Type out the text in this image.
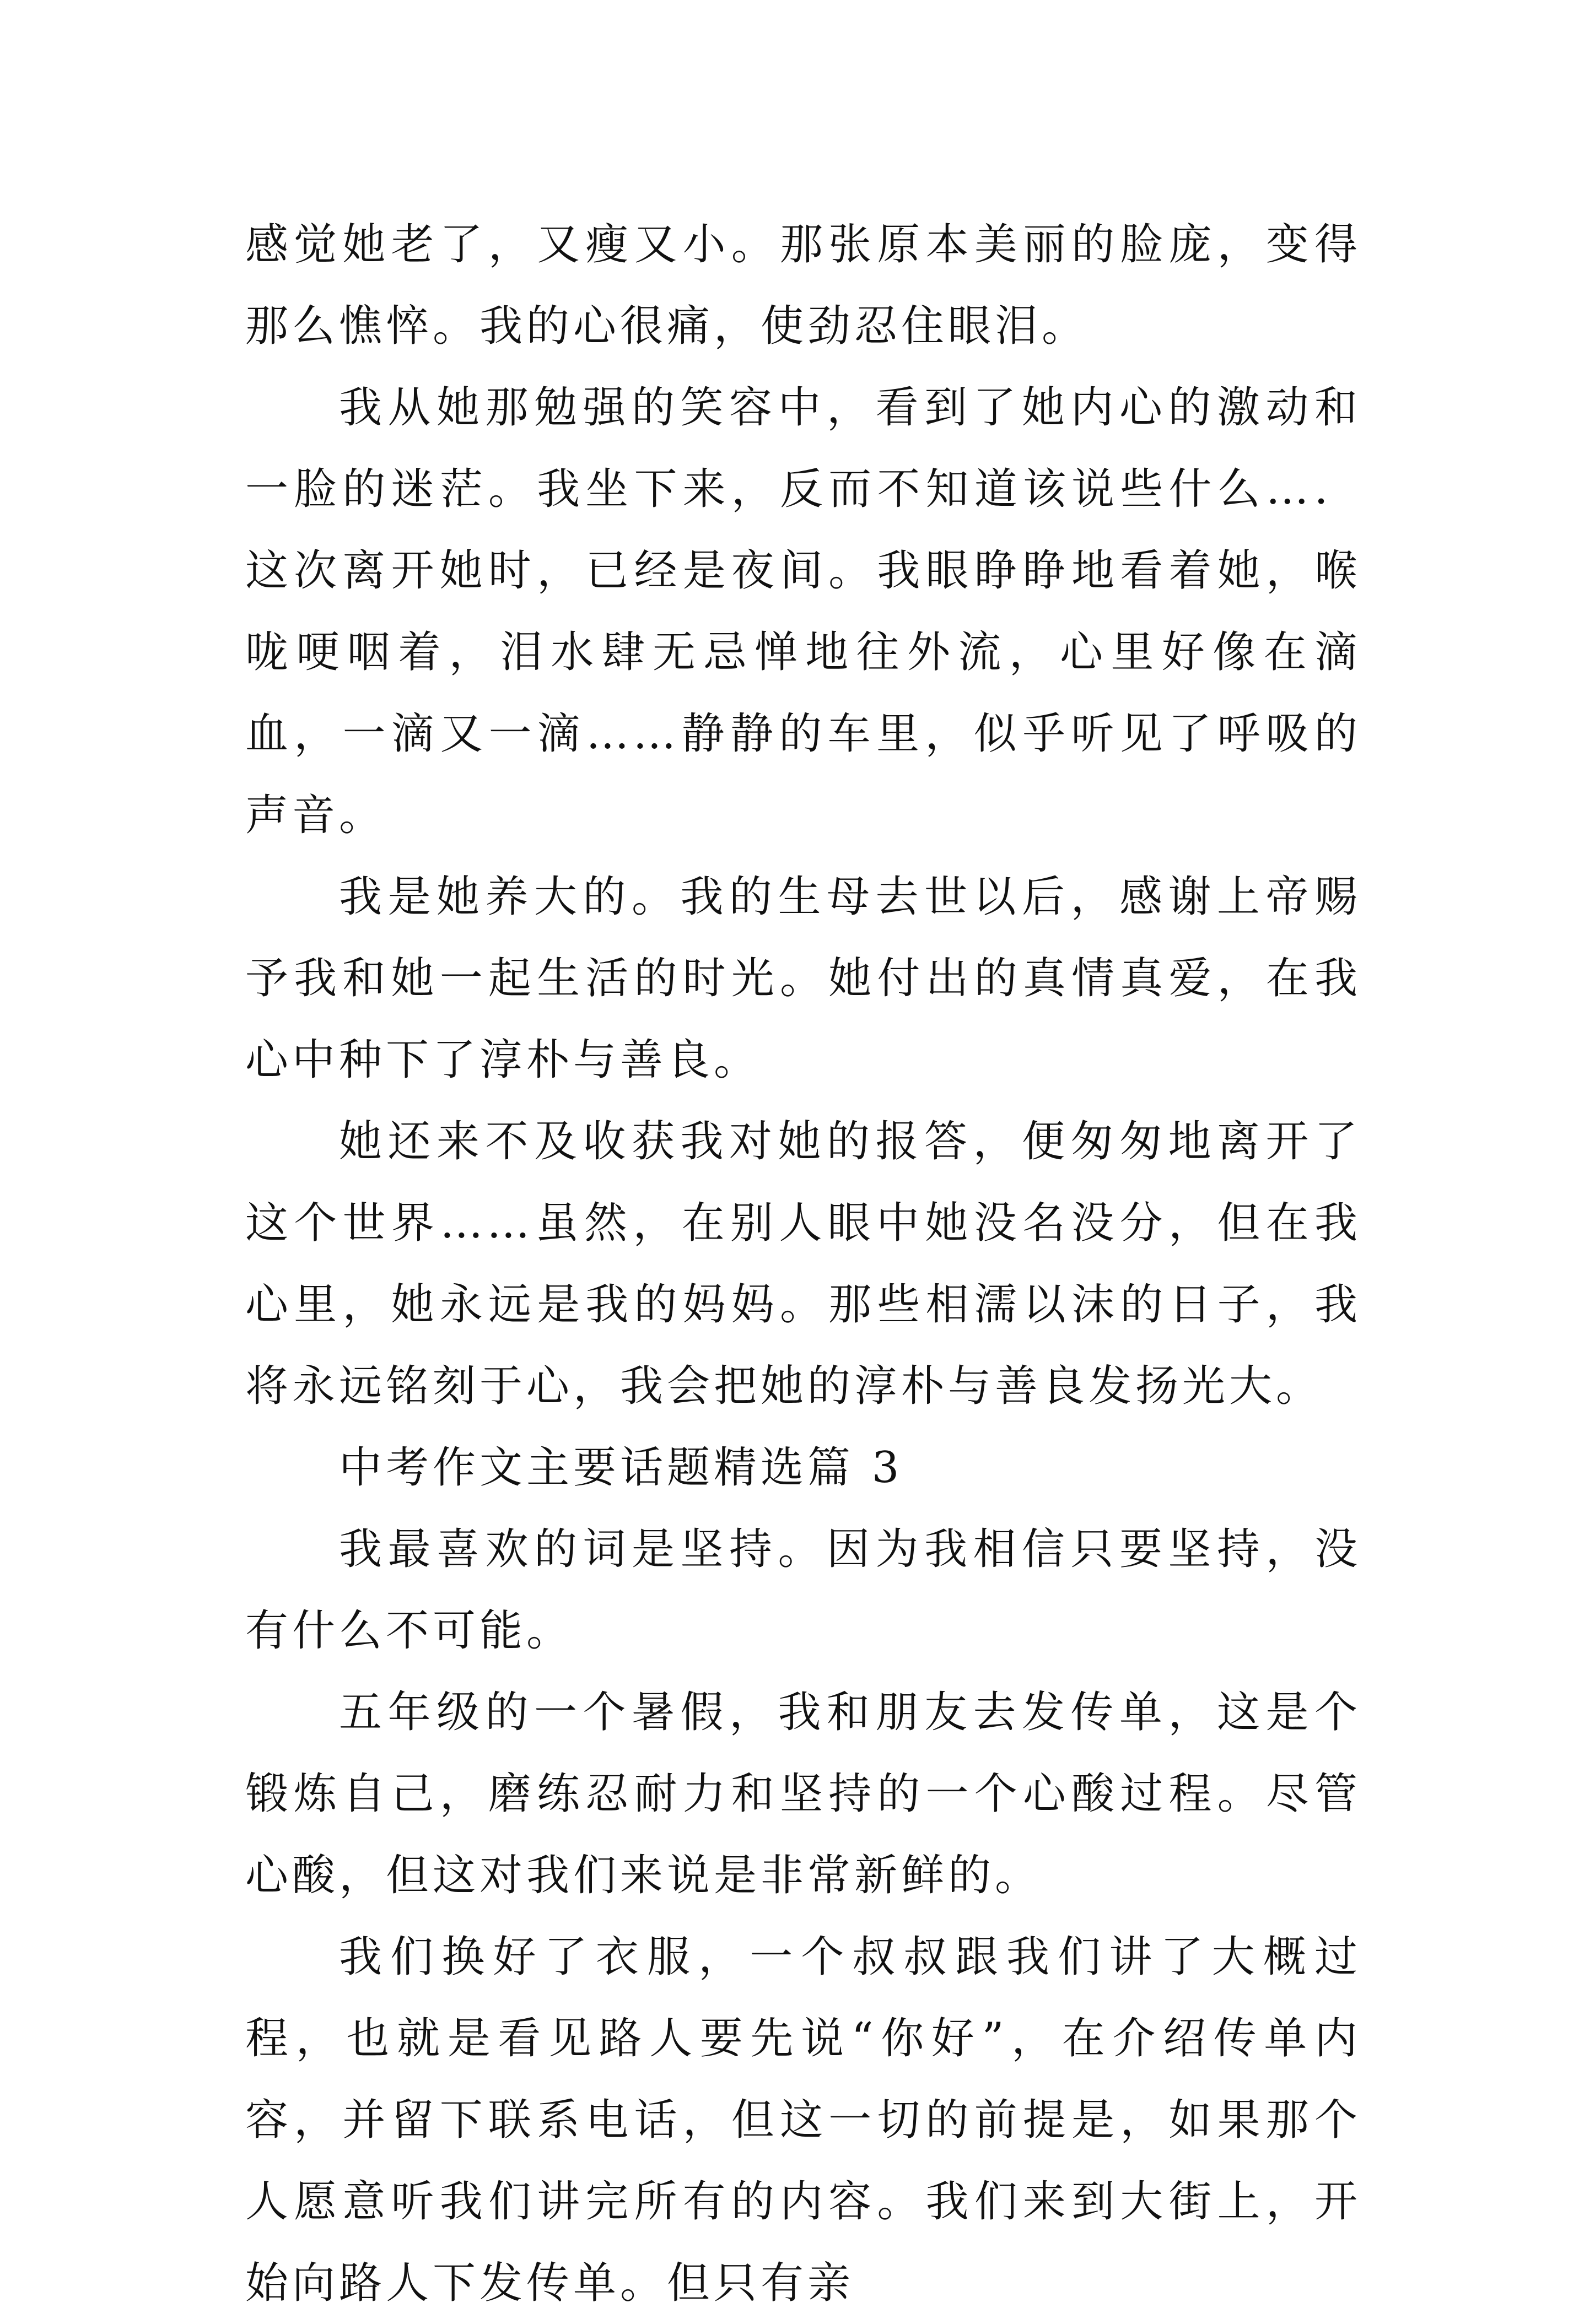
感觉她老了，又瘦又小。那张原本美丽的脸庞，变得那么憔悴。我的心很痛，使劲忍住眼泪。

我从她那勉强的笑容中，看到了她内心的激动和一脸的迷茫。我坐下来，反而不知道该说些什么…．这次离开她时，已经是夜间。我眼睁睁地看着她，喉咙哽咽着，泪水肆无忌惮地往外流，心里好像在滴血，一滴又一滴……静静的车里，似乎听见了呼吸的声音。

我是她养大的。我的生母去世以后，感谢上帝赐予我和她一起生活的时光。她付出的真情真爱，在我心中种下了淳朴与善良。

她还来不及收获我对她的报答，便匆匆地离开了这个世界……虽然，在别人眼中她没名没分，但在我心里，她永远是我的妈妈。那些相濡以沫的日子，我将永远铭刻于心，我会把她的淳朴与善良发扬光大。

中考作文主要话题精选篇 3

我最喜欢的词是坚持。因为我相信只要坚持，没有什么不可能。

五年级的一个暑假，我和朋友去发传单，这是个锻炼自己，磨练忍耐力和坚持的一个心酸过程。尽管心酸，但这对我们来说是非常新鲜的。

我们换好了衣服，一个叔叔跟我们讲了大概过程，也就是看见路人要先说“你好”，在介绍传单内容，并留下联系电话，但这一切的前提是，如果那个人愿意听我们讲完所有的内容。我们来到大街上，开始向路人下发传单。但只有亲
